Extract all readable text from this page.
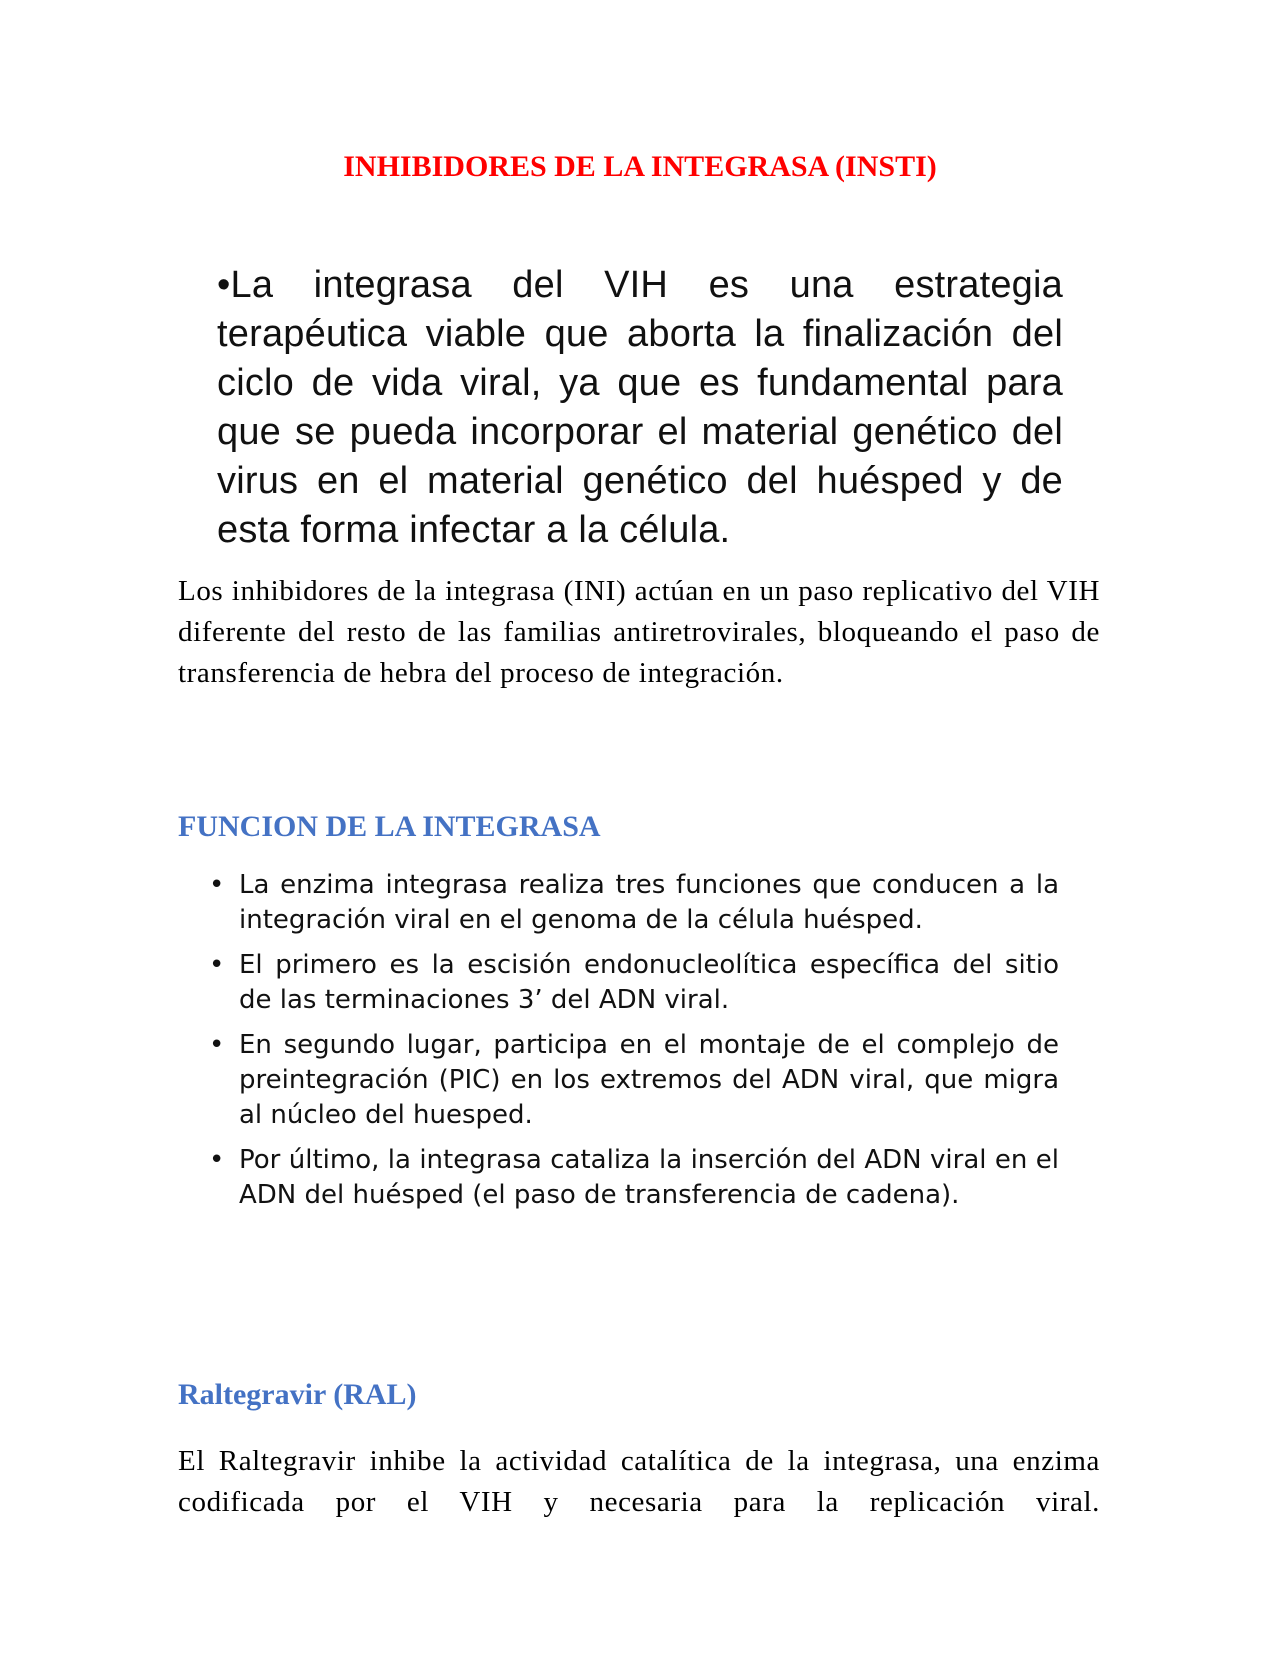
INHIBIDORES DE LA INTEGRASA (INSTI)

•La integrasa del VIH es una estrategia terapéutica viable que aborta la finalización del ciclo de vida viral, ya que es fundamental para que se pueda incorporar el material genético del virus en el material genético del huésped y de esta forma infectar a la célula.

Los inhibidores de la integrasa (INI) actúan en un paso replicativo del VIH diferente del resto de las familias antiretrovirales, bloqueando el paso de transferencia de hebra del proceso de integración.

FUNCION DE LA INTEGRASA
• La enzima integrasa realiza tres funciones que conducen a la integración viral en el genoma de la célula huésped.
• El primero es la escisión endonucleolítica específica del sitio de las terminaciones 3’ del ADN viral.
• En segundo lugar, participa en el montaje de el complejo de preintegración (PIC) en los extremos del ADN viral, que migra al núcleo del huesped.
• Por último, la integrasa cataliza la inserción del ADN viral en el ADN del huésped (el paso de transferencia de cadena).
Raltegravir (RAL)

El Raltegravir inhibe la actividad catalítica de la integrasa, una enzima codificada por el VIH y necesaria para la replicación viral.
